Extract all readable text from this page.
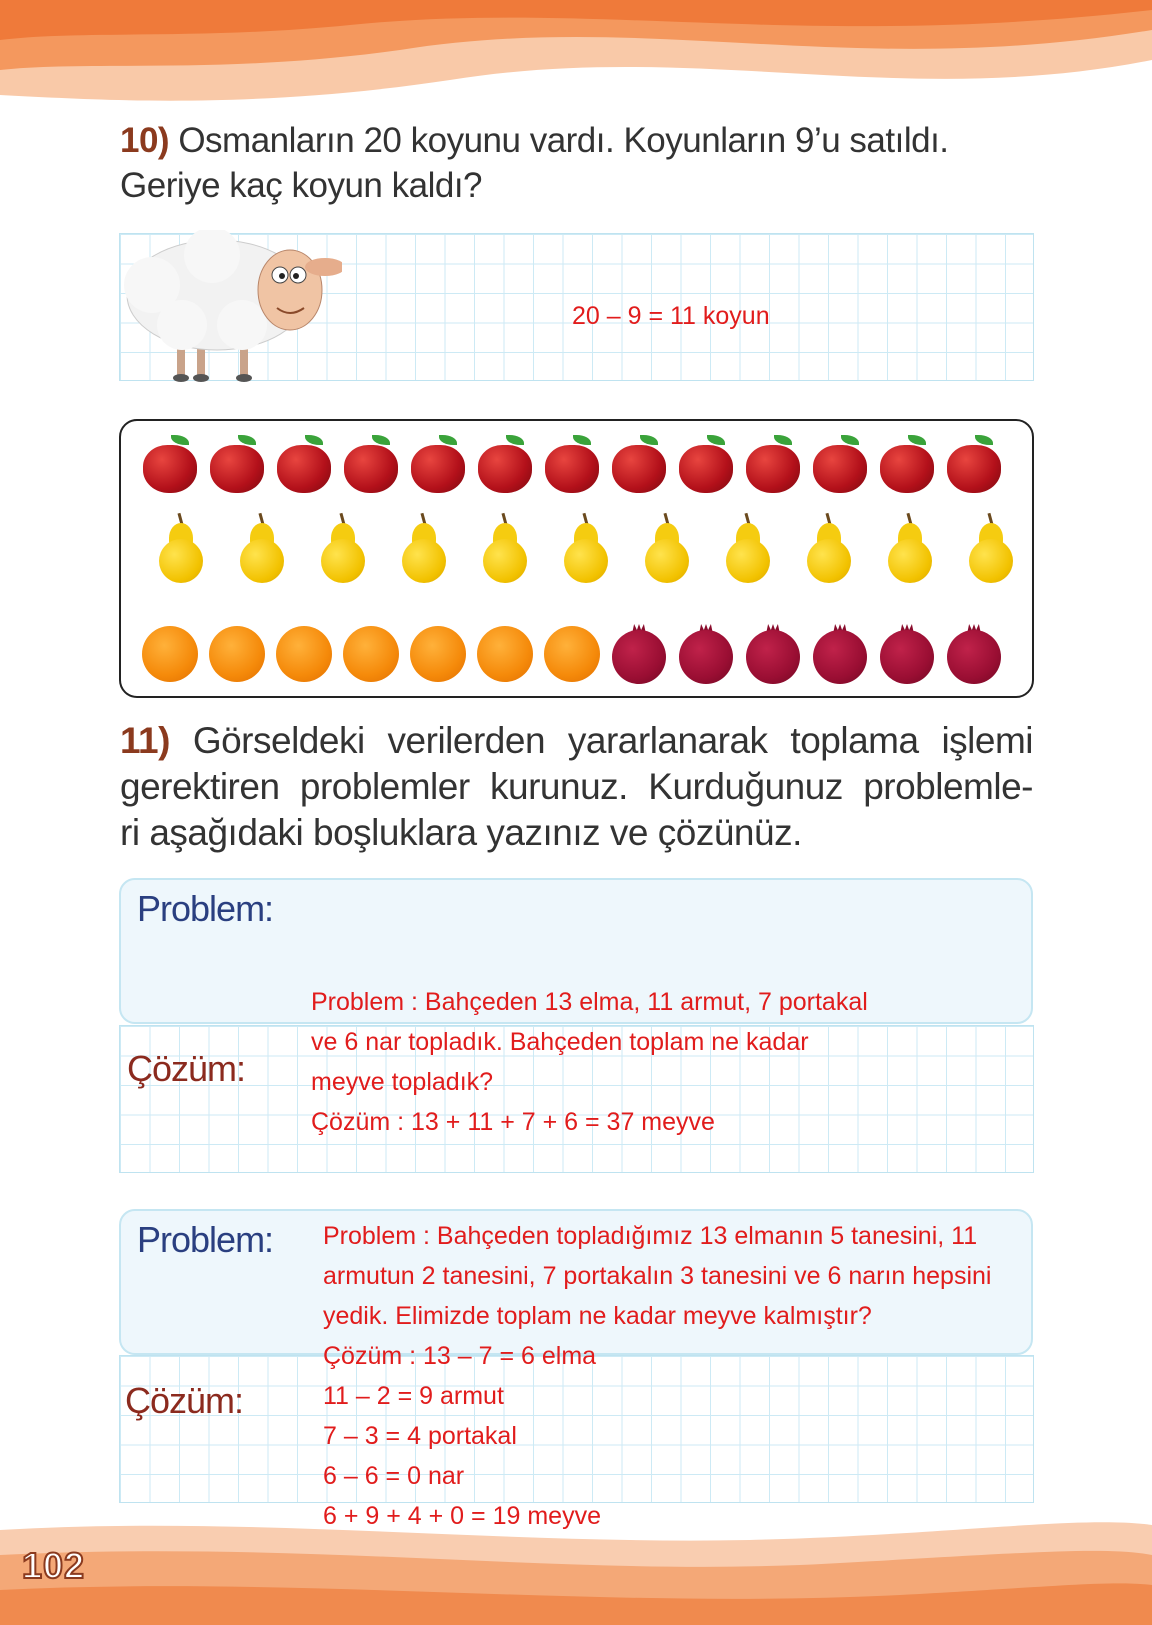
10) Osmanların 20 koyunu vardı. Koyunların 9’u satıldı.
Geriye kaç koyun kaldı?
20 – 9 = 11 koyun
11) Görseldeki verilerden yararlanarak toplama işlemi
gerektiren problemler kurunuz. Kurduğunuz problemle-
ri aşağıdaki boşluklara yazınız ve çözünüz.
Problem:
Çözüm:
Problem : Bahçeden 13 elma, 11 armut, 7 portakal
ve 6 nar topladık. Bahçeden toplam ne kadar
meyve topladık?
Çözüm : 13 + 11 + 7 + 6 = 37 meyve
Problem:
Çözüm:
Problem : Bahçeden topladığımız 13 elmanın 5 tanesini, 11
armutun 2 tanesini, 7 portakalın 3 tanesini ve 6 narın hepsini
yedik. Elimizde toplam ne kadar meyve kalmıştır?
Çözüm : 13 – 7 = 6 elma
11 – 2 = 9 armut
7 – 3 = 4 portakal
6 – 6 = 0 nar
6 + 9 + 4 + 0 = 19 meyve
102
